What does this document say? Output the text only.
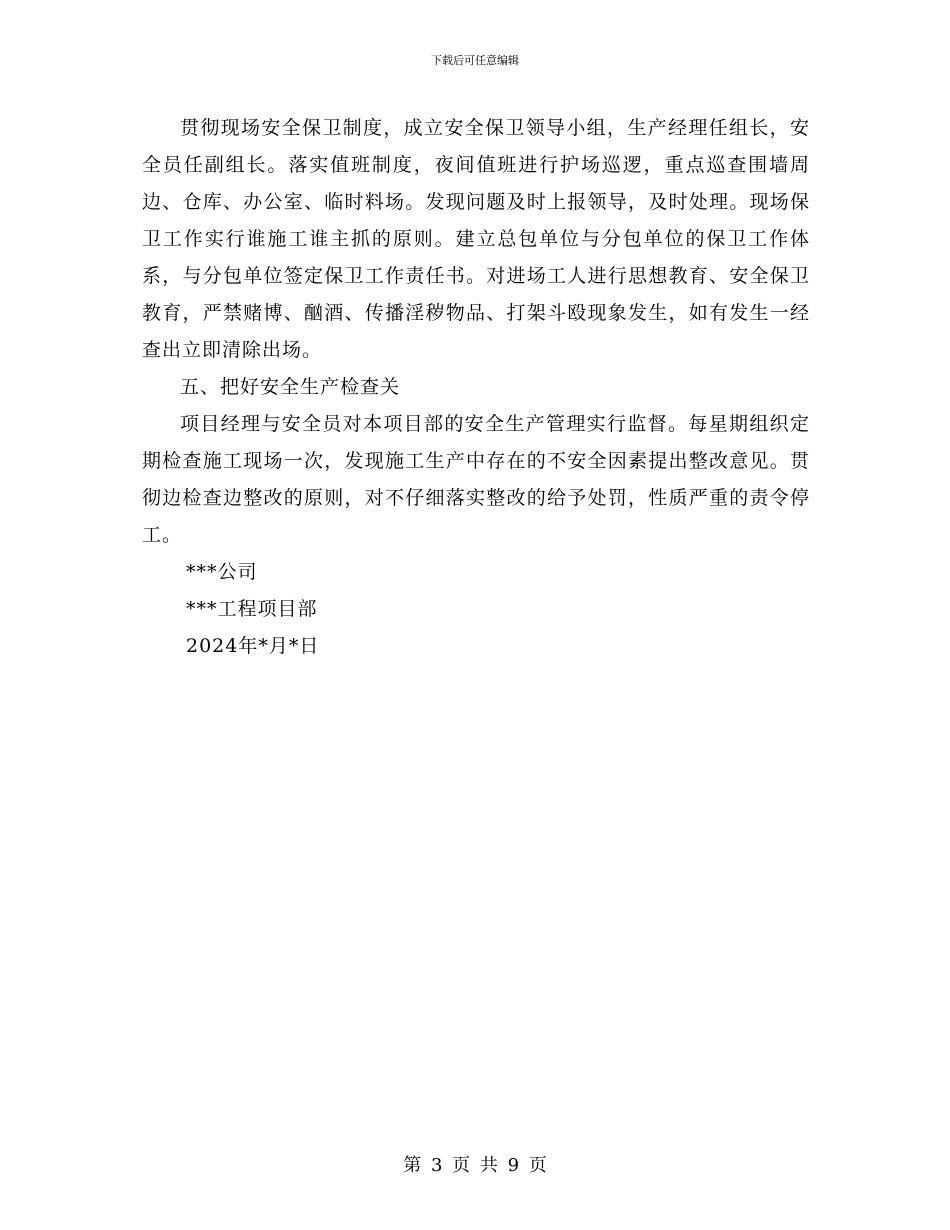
下载后可任意编辑

贯彻现场安全保卫制度，成立安全保卫领导小组，生产经理任组长，安全员任副组长。落实值班制度，夜间值班进行护场巡逻，重点巡查围墙周边、仓库、办公室、临时料场。发现问题及时上报领导，及时处理。现场保卫工作实行谁施工谁主抓的原则。建立总包单位与分包单位的保卫工作体系，与分包单位签定保卫工作责任书。对进场工人进行思想教育、安全保卫教育，严禁赌博、酗酒、传播淫秽物品、打架斗殴现象发生，如有发生一经查出立即清除出场。

五、把好安全生产检查关

项目经理与安全员对本项目部的安全生产管理实行监督。每星期组织定期检查施工现场一次，发现施工生产中存在的不安全因素提出整改意见。贯彻边检查边整改的原则，对不仔细落实整改的给予处罚，性质严重的责令停工。

***公司

***工程项目部

2024年*月*日

第 3 页 共 9 页
